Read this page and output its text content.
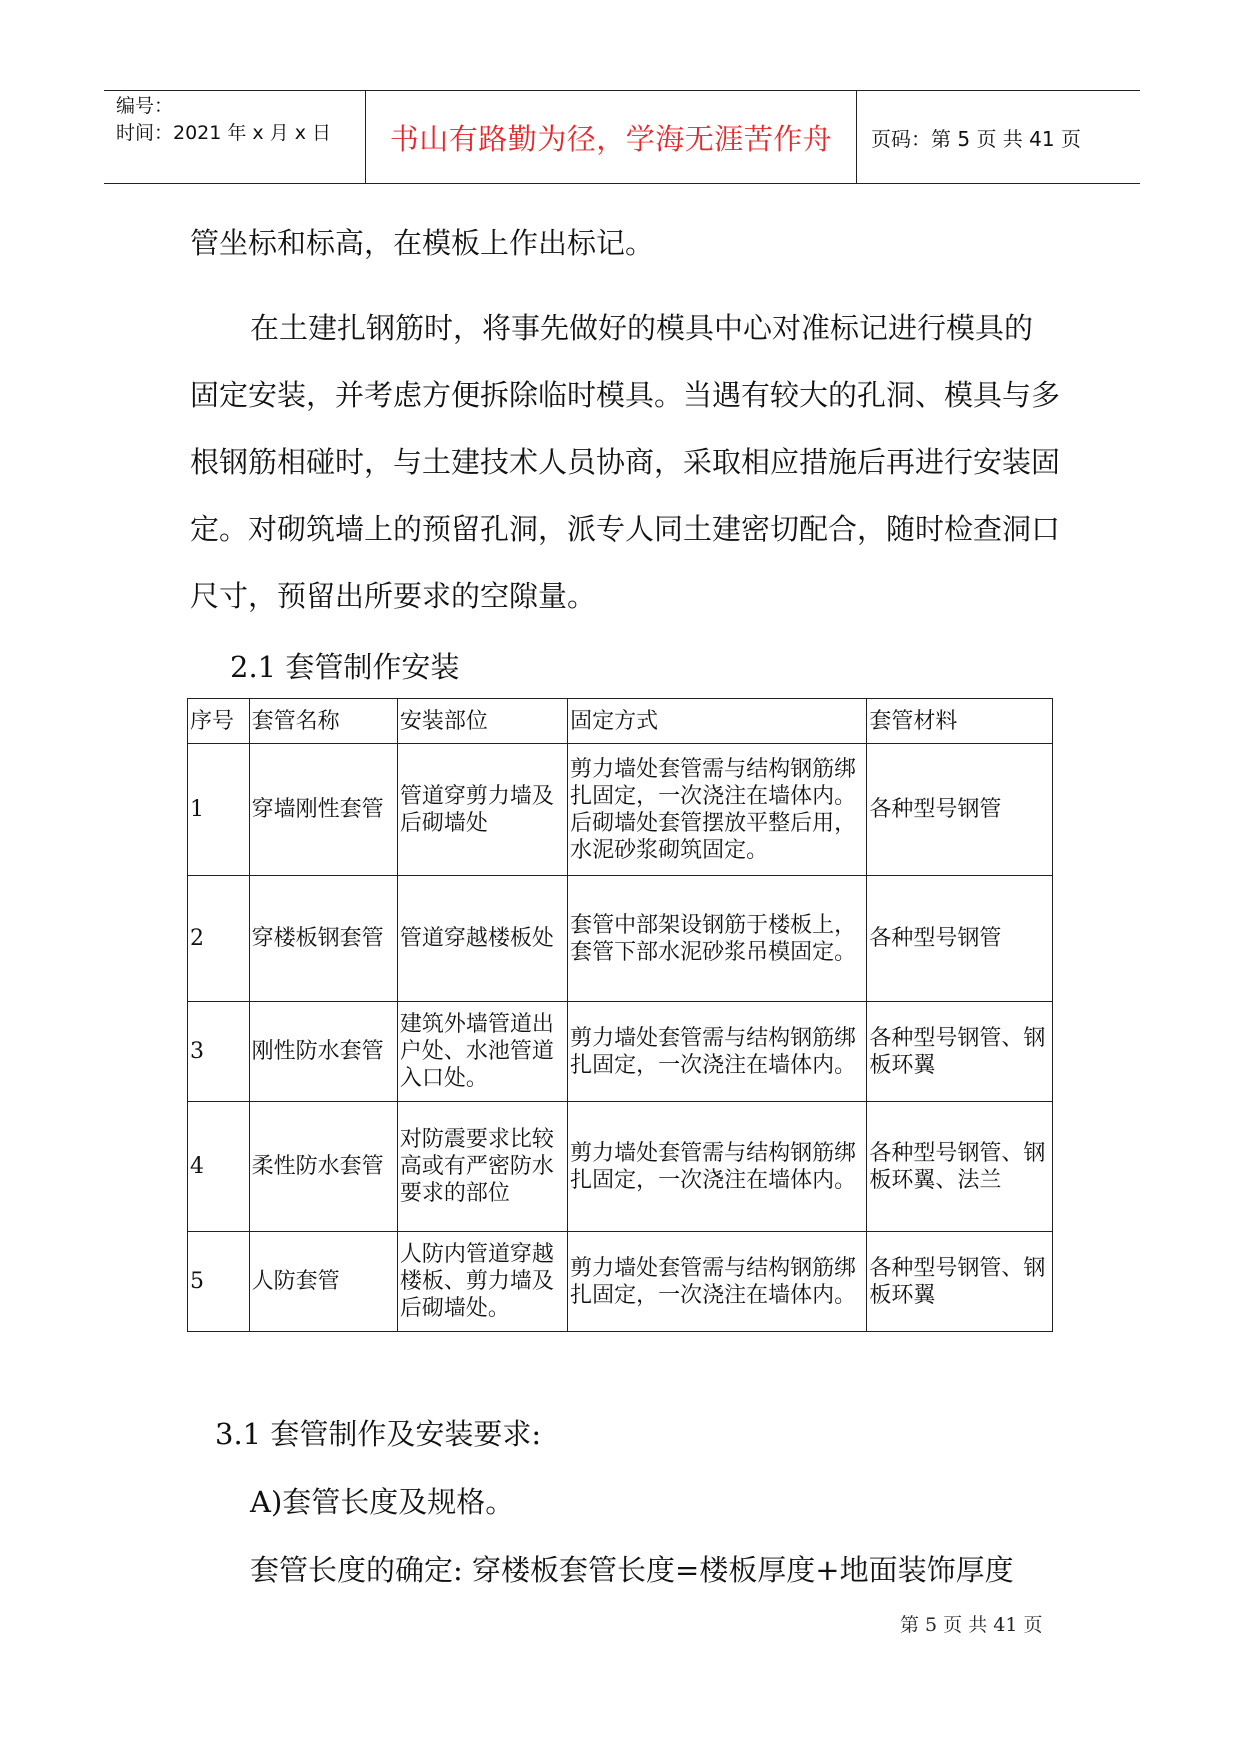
编号：
时间：2021 年 x 月 x 日	书山有路勤为径，学海无涯苦作舟	页码：第 5 页 共 41 页

管坐标和标高，在模板上作出标记。

在土建扎钢筋时，将事先做好的模具中心对准标记进行模具的固定安装，并考虑方便拆除临时模具。当遇有较大的孔洞、模具与多根钢筋相碰时，与土建技术人员协商，采取相应措施后再进行安装固定。对砌筑墙上的预留孔洞，派专人同土建密切配合，随时检查洞口尺寸，预留出所要求的空隙量。

2.1 套管制作安装

序号	套管名称	安装部位	固定方式	套管材料
1	穿墙刚性套管	管道穿剪力墙及后砌墙处	剪力墙处套管需与结构钢筋绑扎固定，一次浇注在墙体内。后砌墙处套管摆放平整后用，水泥砂浆砌筑固定。	各种型号钢管
2	穿楼板钢套管	管道穿越楼板处	套管中部架设钢筋于楼板上，套管下部水泥砂浆吊模固定。	各种型号钢管
3	刚性防水套管	建筑外墙管道出户处、水池管道入口处。	剪力墙处套管需与结构钢筋绑扎固定，一次浇注在墙体内。	各种型号钢管、钢板环翼
4	柔性防水套管	对防震要求比较高或有严密防水要求的部位	剪力墙处套管需与结构钢筋绑扎固定，一次浇注在墙体内。	各种型号钢管、钢板环翼、法兰
5	人防套管	人防内管道穿越楼板、剪力墙及后砌墙处。	剪力墙处套管需与结构钢筋绑扎固定，一次浇注在墙体内。	各种型号钢管、钢板环翼

3.1 套管制作及安装要求:

A)套管长度及规格。

套管长度的确定: 穿楼板套管长度=楼板厚度+地面装饰厚度

第 5 页 共 41 页
